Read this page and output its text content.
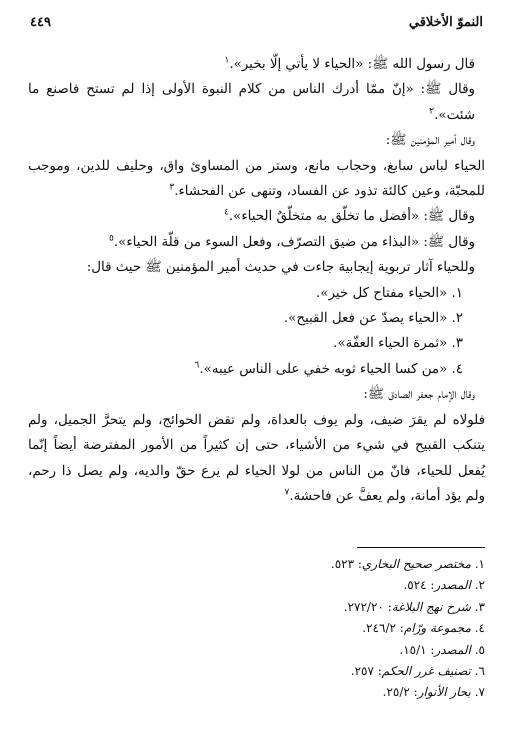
النموّ الأخلاقي
٤٤٩

قال رسول الله ﷺ: «الحياء لا يأتي إلّا بخير».$^١$

وقال ﷺ: «إنّ ممّا أدرك الناس من كلام النبوة الأولى إذا لم تستح فاصنع ما شئت».$^٢$

وقال أمير المؤمنين ﷺ:

الحياء لباس سابغ، وحجاب مانع، وستر من المساوئ واق، وحليف للدين، وموجب للمحبّة، وعين كالئة تذود عن الفساد، وتنهى عن الفحشاء.$^٣$

وقال ﷺ: «أفضل ما تخلّق به متخلّقٌ الحياء».$^٤$

وقال ﷺ: «البذاء من ضيق التصرّف، وفعل السوء من قلّة الحياء».$^٥$

وللحياء آثار تربوية إيجابية جاءت في حديث أمير المؤمنين ﷺ حيث قال:

١. «الحياء مفتاح كل خير».

٢. «الحياء يصدّ عن فعل القبيح».

٣. «ثمرة الحياء العفّة».

٤. «من كسا الحياء ثوبه خفي على الناس عيبه».$^٦$

وقال الإمام جعفر الصادق ﷺ:

فلولاه لم يقرَ ضيف، ولم يوف بالعداة، ولم تقض الحوائج، ولم يتحرَّ الجميل، ولم يتنكب القبيح في شيء من الأشياء، حتى إن كثيراً من الأمور المفترضة أيضاً إنّما يُفعل للحياء، فانّ من الناس من لولا الحياء لم يرع حقّ والديه، ولم يصل ذا رحم، ولم يؤد أمانة، ولم يعفَّ عن فاحشة.$^٧$

١. مختصر صحيح البخاري: ٥٢٣.
٢. المصدر: ٥٢٤.
٣. شرح نهج البلاغة: ٢٧٢/٢٠.
٤. مجموعة ورّام: ٢٤٦/٢.
٥. المصدر: ١٥/١.
٦. تصنيف غرر الحكم: ٢٥٧.
٧. بحار الأنوار: ٢٥/٢.
